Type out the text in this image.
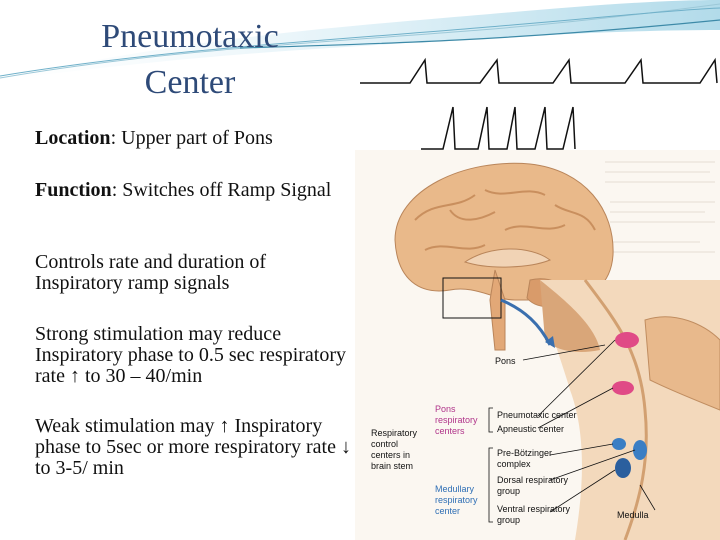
Pneumotaxic
Center
  Location: Upper part of Pons
  Function: Switches off Ramp Signal
  Controls rate and duration of Inspiratory ramp signals
  Strong stimulation may reduce Inspiratory phase to 0.5 sec respiratory rate ↑ to 30 – 40/min
  Weak stimulation may ↑ Inspiratory phase to 5sec or more respiratory rate ↓ to 3-5/ min
Pons
Respiratory
control
centers in
brain stem
Pons
respiratory
centers
Pneumotaxic center
Apneustic center
Pre-Bötzinger
complex
Dorsal respiratory
group
Medullary
respiratory
center	Ventral respiratory
group	Medulla
